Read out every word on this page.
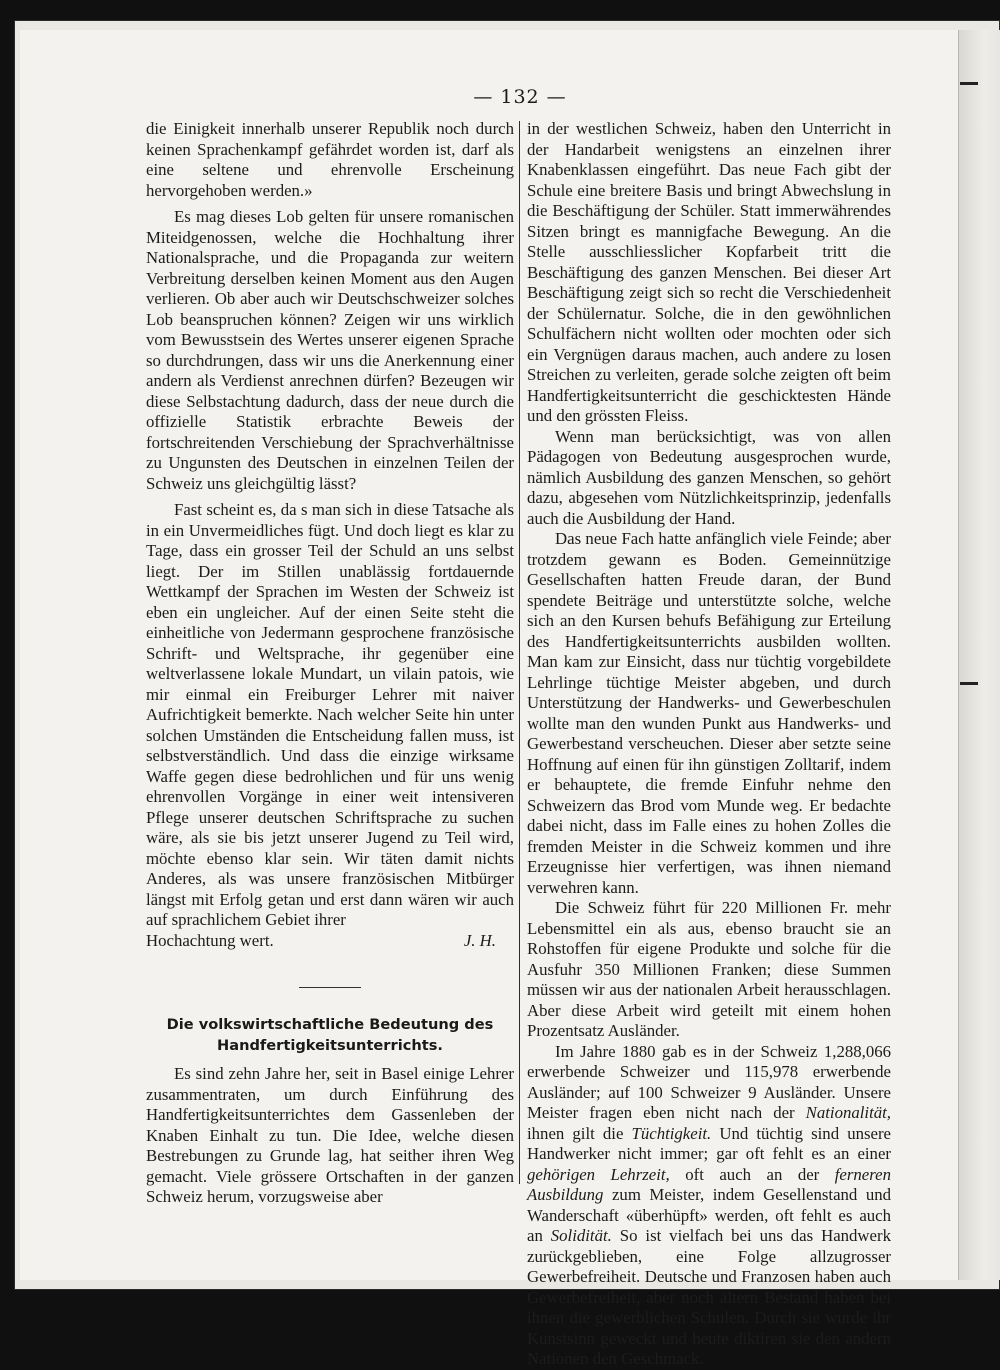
— 132 —

die Einigkeit innerhalb unserer Republik noch durch keinen Sprachenkampf gefährdet worden ist, darf als eine seltene und ehrenvolle Erscheinung hervorgehoben werden.»

Es mag dieses Lob gelten für unsere romanischen Miteidgenossen, welche die Hochhaltung ihrer Nationalsprache, und die Propaganda zur weitern Verbreitung derselben keinen Moment aus den Augen verlieren. Ob aber auch wir Deutschschweizer solches Lob beanspruchen können? Zeigen wir uns wirklich vom Bewusstsein des Wertes unserer eigenen Sprache so durchdrungen, dass wir uns die Anerkennung einer andern als Verdienst anrechnen dürfen? Bezeugen wir diese Selbstachtung dadurch, dass der neue durch die offizielle Statistik erbrachte Beweis der fortschreitenden Verschiebung der Sprachverhältnisse zu Ungunsten des Deutschen in einzelnen Teilen der Schweiz uns gleichgültig lässt?

Fast scheint es, da s man sich in diese Tatsache als in ein Unvermeidliches fügt. Und doch liegt es klar zu Tage, dass ein grosser Teil der Schuld an uns selbst liegt. Der im Stillen unablässig fortdauernde Wettkampf der Sprachen im Westen der Schweiz ist eben ein ungleicher. Auf der einen Seite steht die einheitliche von Jedermann gesprochene französische Schrift- und Weltsprache, ihr gegenüber eine weltverlassene lokale Mundart, un vilain patois, wie mir einmal ein Freiburger Lehrer mit naiver Aufrichtigkeit bemerkte. Nach welcher Seite hin unter solchen Umständen die Entscheidung fallen muss, ist selbstverständlich. Und dass die einzige wirksame Waffe gegen diese bedrohlichen und für uns wenig ehrenvollen Vorgänge in einer weit intensiveren Pflege unserer deutschen Schriftsprache zu suchen wäre, als sie bis jetzt unserer Jugend zu Teil wird, möchte ebenso klar sein. Wir täten damit nichts Anderes, als was unsere französischen Mitbürger längst mit Erfolg getan und erst dann wären wir auch auf sprachlichem Gebiet ihrer

Hochachtung wert.	J. H.
Die volkswirtschaftliche Bedeutung des
Handfertigkeitsunterrichts.

Es sind zehn Jahre her, seit in Basel einige Lehrer zusammentraten, um durch Einführung des Handfertigkeitsunterrichtes dem Gassenleben der Knaben Einhalt zu tun. Die Idee, welche diesen Bestrebungen zu Grunde lag, hat seither ihren Weg gemacht. Viele grössere Ortschaften in der ganzen Schweiz herum, vorzugsweise aber

in der westlichen Schweiz, haben den Unterricht in der Handarbeit wenigstens an einzelnen ihrer Knabenklassen eingeführt. Das neue Fach gibt der Schule eine breitere Basis und bringt Abwechslung in die Beschäftigung der Schüler. Statt immerwährendes Sitzen bringt es mannigfache Bewegung. An die Stelle ausschliesslicher Kopfarbeit tritt die Beschäftigung des ganzen Menschen. Bei dieser Art Beschäftigung zeigt sich so recht die Verschiedenheit der Schülernatur. Solche, die in den gewöhnlichen Schulfächern nicht wollten oder mochten oder sich ein Vergnügen daraus machen, auch andere zu losen Streichen zu verleiten, gerade solche zeigten oft beim Handfertigkeitsunterricht die geschicktesten Hände und den grössten Fleiss.

Wenn man berücksichtigt, was von allen Pädagogen von Bedeutung ausgesprochen wurde, nämlich Ausbildung des ganzen Menschen, so gehört dazu, abgesehen vom Nützlichkeitsprinzip, jedenfalls auch die Ausbildung der Hand.

Das neue Fach hatte anfänglich viele Feinde; aber trotzdem gewann es Boden. Gemeinnützige Gesellschaften hatten Freude daran, der Bund spendete Beiträge und unterstützte solche, welche sich an den Kursen behufs Befähigung zur Erteilung des Handfertigkeitsunterrichts ausbilden wollten. Man kam zur Einsicht, dass nur tüchtig vorgebildete Lehrlinge tüchtige Meister abgeben, und durch Unterstützung der Handwerks- und Gewerbeschulen wollte man den wunden Punkt aus Handwerks- und Gewerbestand verscheuchen. Dieser aber setzte seine Hoffnung auf einen für ihn günstigen Zolltarif, indem er behauptete, die fremde Einfuhr nehme den Schweizern das Brod vom Munde weg. Er bedachte dabei nicht, dass im Falle eines zu hohen Zolles die fremden Meister in die Schweiz kommen und ihre Erzeugnisse hier verfertigen, was ihnen niemand verwehren kann.

Die Schweiz führt für 220 Millionen Fr. mehr Lebensmittel ein als aus, ebenso braucht sie an Rohstoffen für eigene Produkte und solche für die Ausfuhr 350 Millionen Franken; diese Summen müssen wir aus der nationalen Arbeit herausschlagen. Aber diese Arbeit wird geteilt mit einem hohen Prozentsatz Ausländer.

Im Jahre 1880 gab es in der Schweiz 1,288,066 erwerbende Schweizer und 115,978 erwerbende Ausländer; auf 100 Schweizer 9 Ausländer. Unsere Meister fragen eben nicht nach der Nationalität, ihnen gilt die Tüchtigkeit. Und tüchtig sind unsere Handwerker nicht immer; gar oft fehlt es an einer gehörigen Lehrzeit, oft auch an der ferneren Ausbildung zum Meister, indem Gesellenstand und Wanderschaft «überhüpft» werden, oft fehlt es auch an Solidität. So ist vielfach bei uns das Handwerk zurückgeblieben, eine Folge allzugrosser Gewerbefreiheit. Deutsche und Franzosen haben auch Gewerbefreiheit, aber noch ältern Bestand haben bei ihnen die gewerblichen Schulen. Durch sie wurde ihr Kunstsinn geweckt und heute diktiren sie den andern Nationen den Geschmack.
